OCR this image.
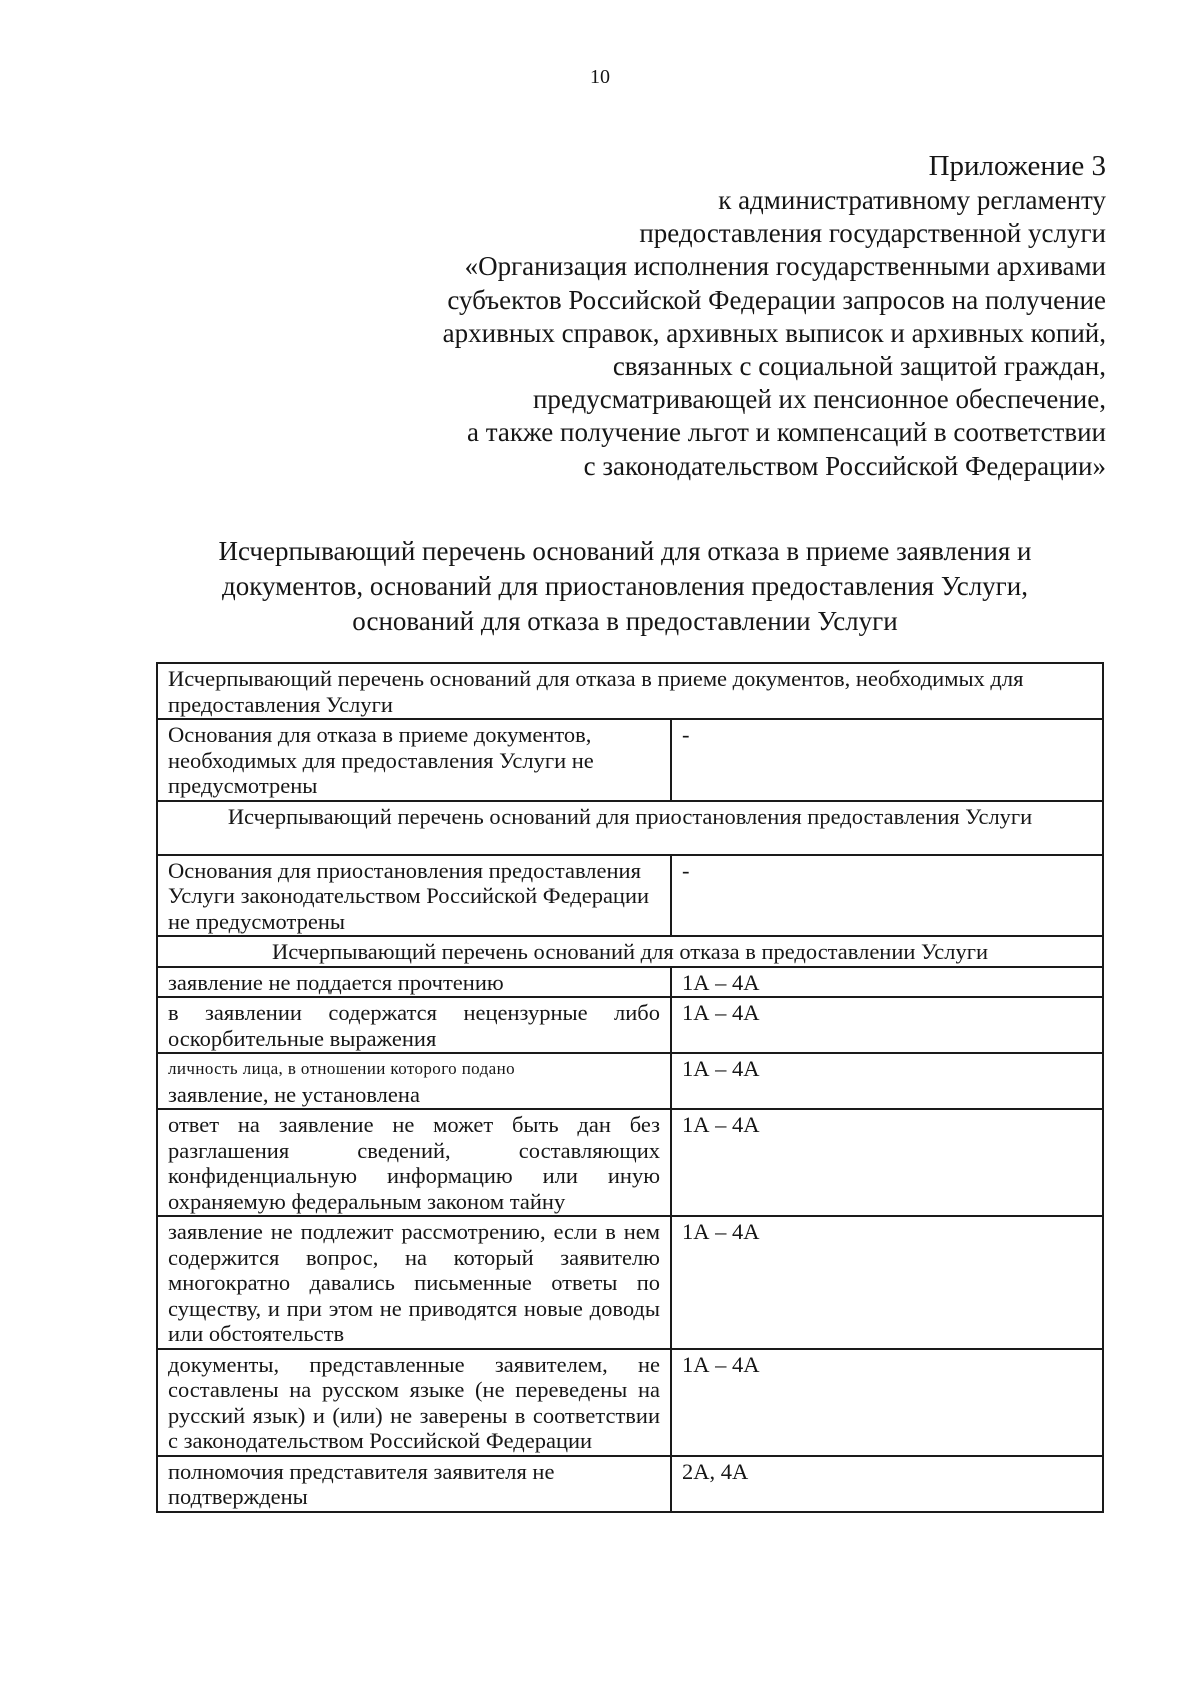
10
Приложение 3
к административному регламенту
предоставления государственной услуги
«Организация исполнения государственными архивами
субъектов Российской Федерации запросов на получение
архивных справок, архивных выписок и архивных копий,
связанных с социальной защитой граждан,
предусматривающей их пенсионное обеспечение,
а также получение льгот и компенсаций в соответствии
с законодательством Российской Федерации»
Исчерпывающий перечень оснований для отказа в приеме заявления и
документов, оснований для приостановления предоставления Услуги,
оснований для отказа в предоставлении Услуги
Исчерпывающий перечень оснований для отказа в приеме документов, необходимых для предоставления Услуги	
Основания для отказа в приеме документов, необходимых для предоставления Услуги не предусмотрены	-
Исчерпывающий перечень оснований для приостановления предоставления Услуги	
Основания для приостановления предоставления Услуги законодательством Российской Федерации не предусмотрены	-
Исчерпывающий перечень оснований для отказа в предоставлении Услуги	
заявление не поддается прочтению	1А – 4А
в заявлении содержатся нецензурные либо оскорбительные выражения	1А – 4А

личность лица, в отношении которого подано
заявление, не установлена	1А – 4А
ответ на заявление не может быть дан без разглашения сведений, составляющих конфиденциальную информацию или иную охраняемую федеральным законом тайну	1А – 4А
заявление не подлежит рассмотрению, если в нем содержится вопрос, на который заявителю многократно давались письменные ответы по существу, и при этом не приводятся новые доводы или обстоятельств	1А – 4А
документы, представленные заявителем, не составлены на русском языке (не переведены на русский язык) и (или) не заверены в соответствии с законодательством Российской Федерации	1А – 4А
полномочия представителя заявителя не подтверждены	2А, 4А
